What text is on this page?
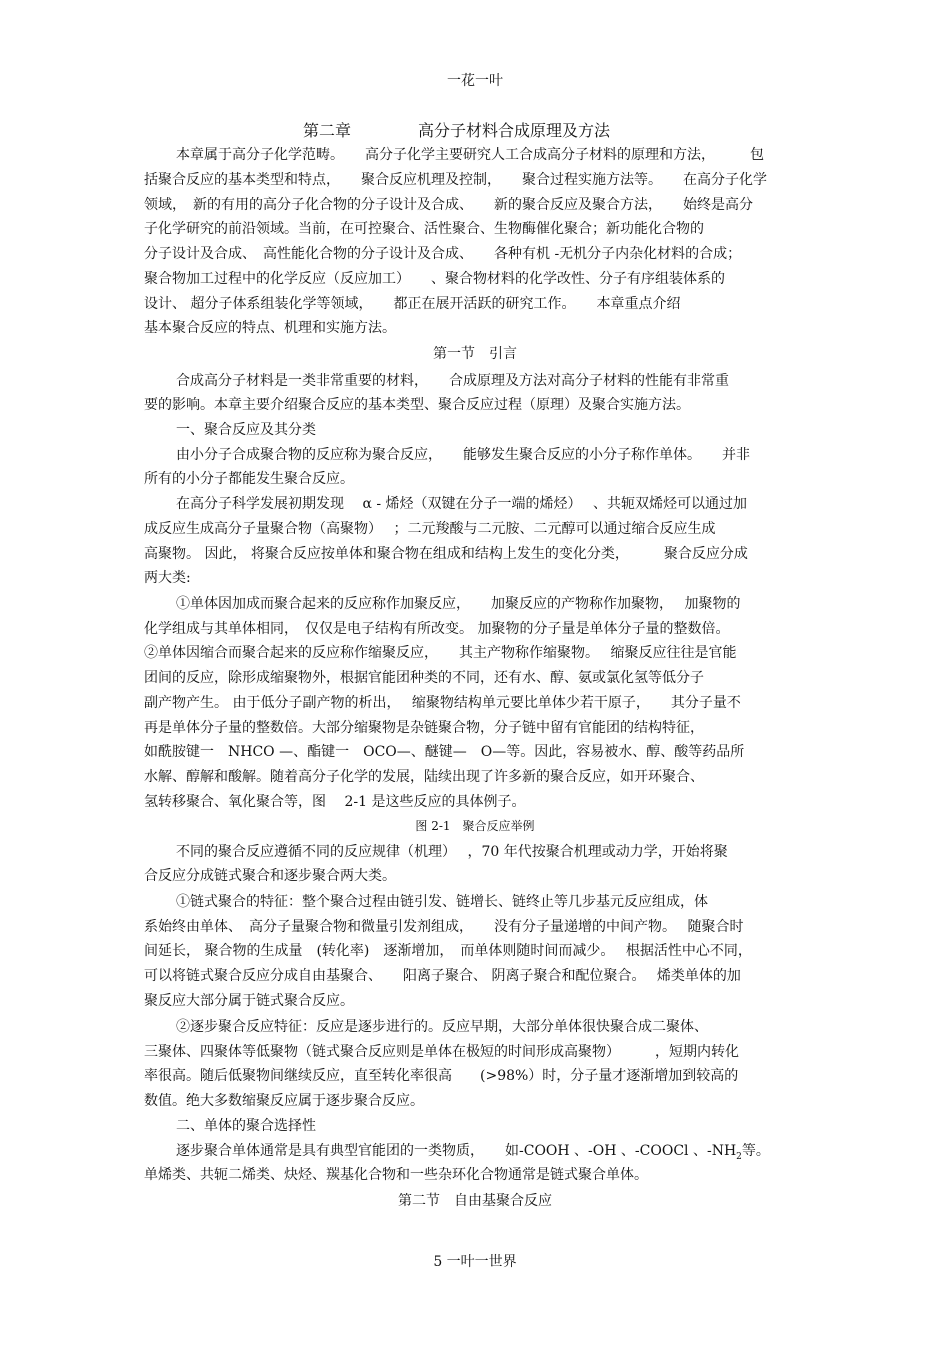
一花一叶
第二章	高分子材料合成原理及方法
本章属于高分子化学范畴。　　高分子化学主要研究人工合成高分子材料的原理和方法，　　　包
括聚合反应的基本类型和特点，　　聚合反应机理及控制，　　聚合过程实施方法等。　　在高分子化学
领域，　新的有用的高分子化合物的分子设计及合成、　　新的聚合反应及聚合方法，　　始终是高分
子化学研究的前沿领域。当前，在可控聚合、活性聚合、生物酶催化聚合；新功能化合物的
分子设计及合成、　高性能化合物的分子设计及合成、　　各种有机 -无机分子内杂化材料的合成；
聚合物加工过程中的化学反应（反应加工）　　、聚合物材料的化学改性、分子有序组装体系的
设计、 超分子体系组装化学等领域，　　都正在展开活跃的研究工作。　　本章重点介绍
基本聚合反应的特点、机理和实施方法。
第一节　引言
合成高分子材料是一类非常重要的材料，　　合成原理及方法对高分子材料的性能有非常重
要的影响。本章主要介绍聚合反应的基本类型、聚合反应过程（原理）及聚合实施方法。
一、聚合反应及其分类
由小分子合成聚合物的反应称为聚合反应，　　能够发生聚合反应的小分子称作单体。　　并非
所有的小分子都能发生聚合反应。
在高分子科学发展初期发现　 α - 烯烃（双键在分子一端的烯烃）　 、共轭双烯烃可以通过加
成反应生成高分子量聚合物（高聚物）　 ；二元羧酸与二元胺、二元醇可以通过缩合反应生成
高聚物。 因此， 将聚合反应按单体和聚合物在组成和结构上发生的变化分类，　　　聚合反应分成
两大类:
①单体因加成而聚合起来的反应称作加聚反应，　　加聚反应的产物称作加聚物，　 加聚物的
化学组成与其单体相同，　仅仅是电子结构有所改变。 加聚物的分子量是单体分子量的整数倍。
②单体因缩合而聚合起来的反应称作缩聚反应，　　其主产物称作缩聚物。　 缩聚反应往往是官能
团间的反应，除形成缩聚物外，根据官能团种类的不同，还有水、醇、氨或氯化氢等低分子
副产物产生。 由于低分子副产物的析出，　 缩聚物结构单元要比单体少若干原子，　　其分子量不
再是单体分子量的整数倍。大部分缩聚物是杂链聚合物，分子链中留有官能团的结构特征，
如酰胺键一　NHCO —、酯键一　OCO—、醚键—　O—等。因此，容易被水、醇、酸等药品所
水解、醇解和酸解。随着高分子化学的发展，陆续出现了许多新的聚合反应，如开环聚合、
氢转移聚合、氧化聚合等，图　 2-1 是这些反应的具体例子。
图 2-1　聚合反应举例
不同的聚合反应遵循不同的反应规律（机理）　 ，70 年代按聚合机理或动力学，开始将聚
合反应分成链式聚合和逐步聚合两大类。
①链式聚合的特征：整个聚合过程由链引发、链增长、链终止等几步基元反应组成，体
系始终由单体、　高分子量聚合物和微量引发剂组成，　　没有分子量递增的中间产物。　 随聚合时
间延长， 聚合物的生成量　(转化率)　逐渐增加，　而单体则随时间而减少。　 根据活性中心不同，
可以将链式聚合反应分成自由基聚合、　　阳离子聚合、 阴离子聚合和配位聚合。　 烯类单体的加
聚反应大部分属于链式聚合反应。
②逐步聚合反应特征：反应是逐步进行的。反应早期，大部分单体很快聚合成二聚体、
三聚体、四聚体等低聚物（链式聚合反应则是单体在极短的时间形成高聚物）　　　，短期内转化
率很高。随后低聚物间继续反应，直至转化率很高　　(>98%）时，分子量才逐渐增加到较高的
数值。绝大多数缩聚反应属于逐步聚合反应。
二、单体的聚合选择性
逐步聚合单体通常是具有典型官能团的一类物质，　　如-COOH 、-OH 、-COOCl 、$-NH_2$等。
单烯类、共轭二烯类、炔烃、羰基化合物和一些杂环化合物通常是链式聚合单体。
第二节　自由基聚合反应
5 一叶一世界
